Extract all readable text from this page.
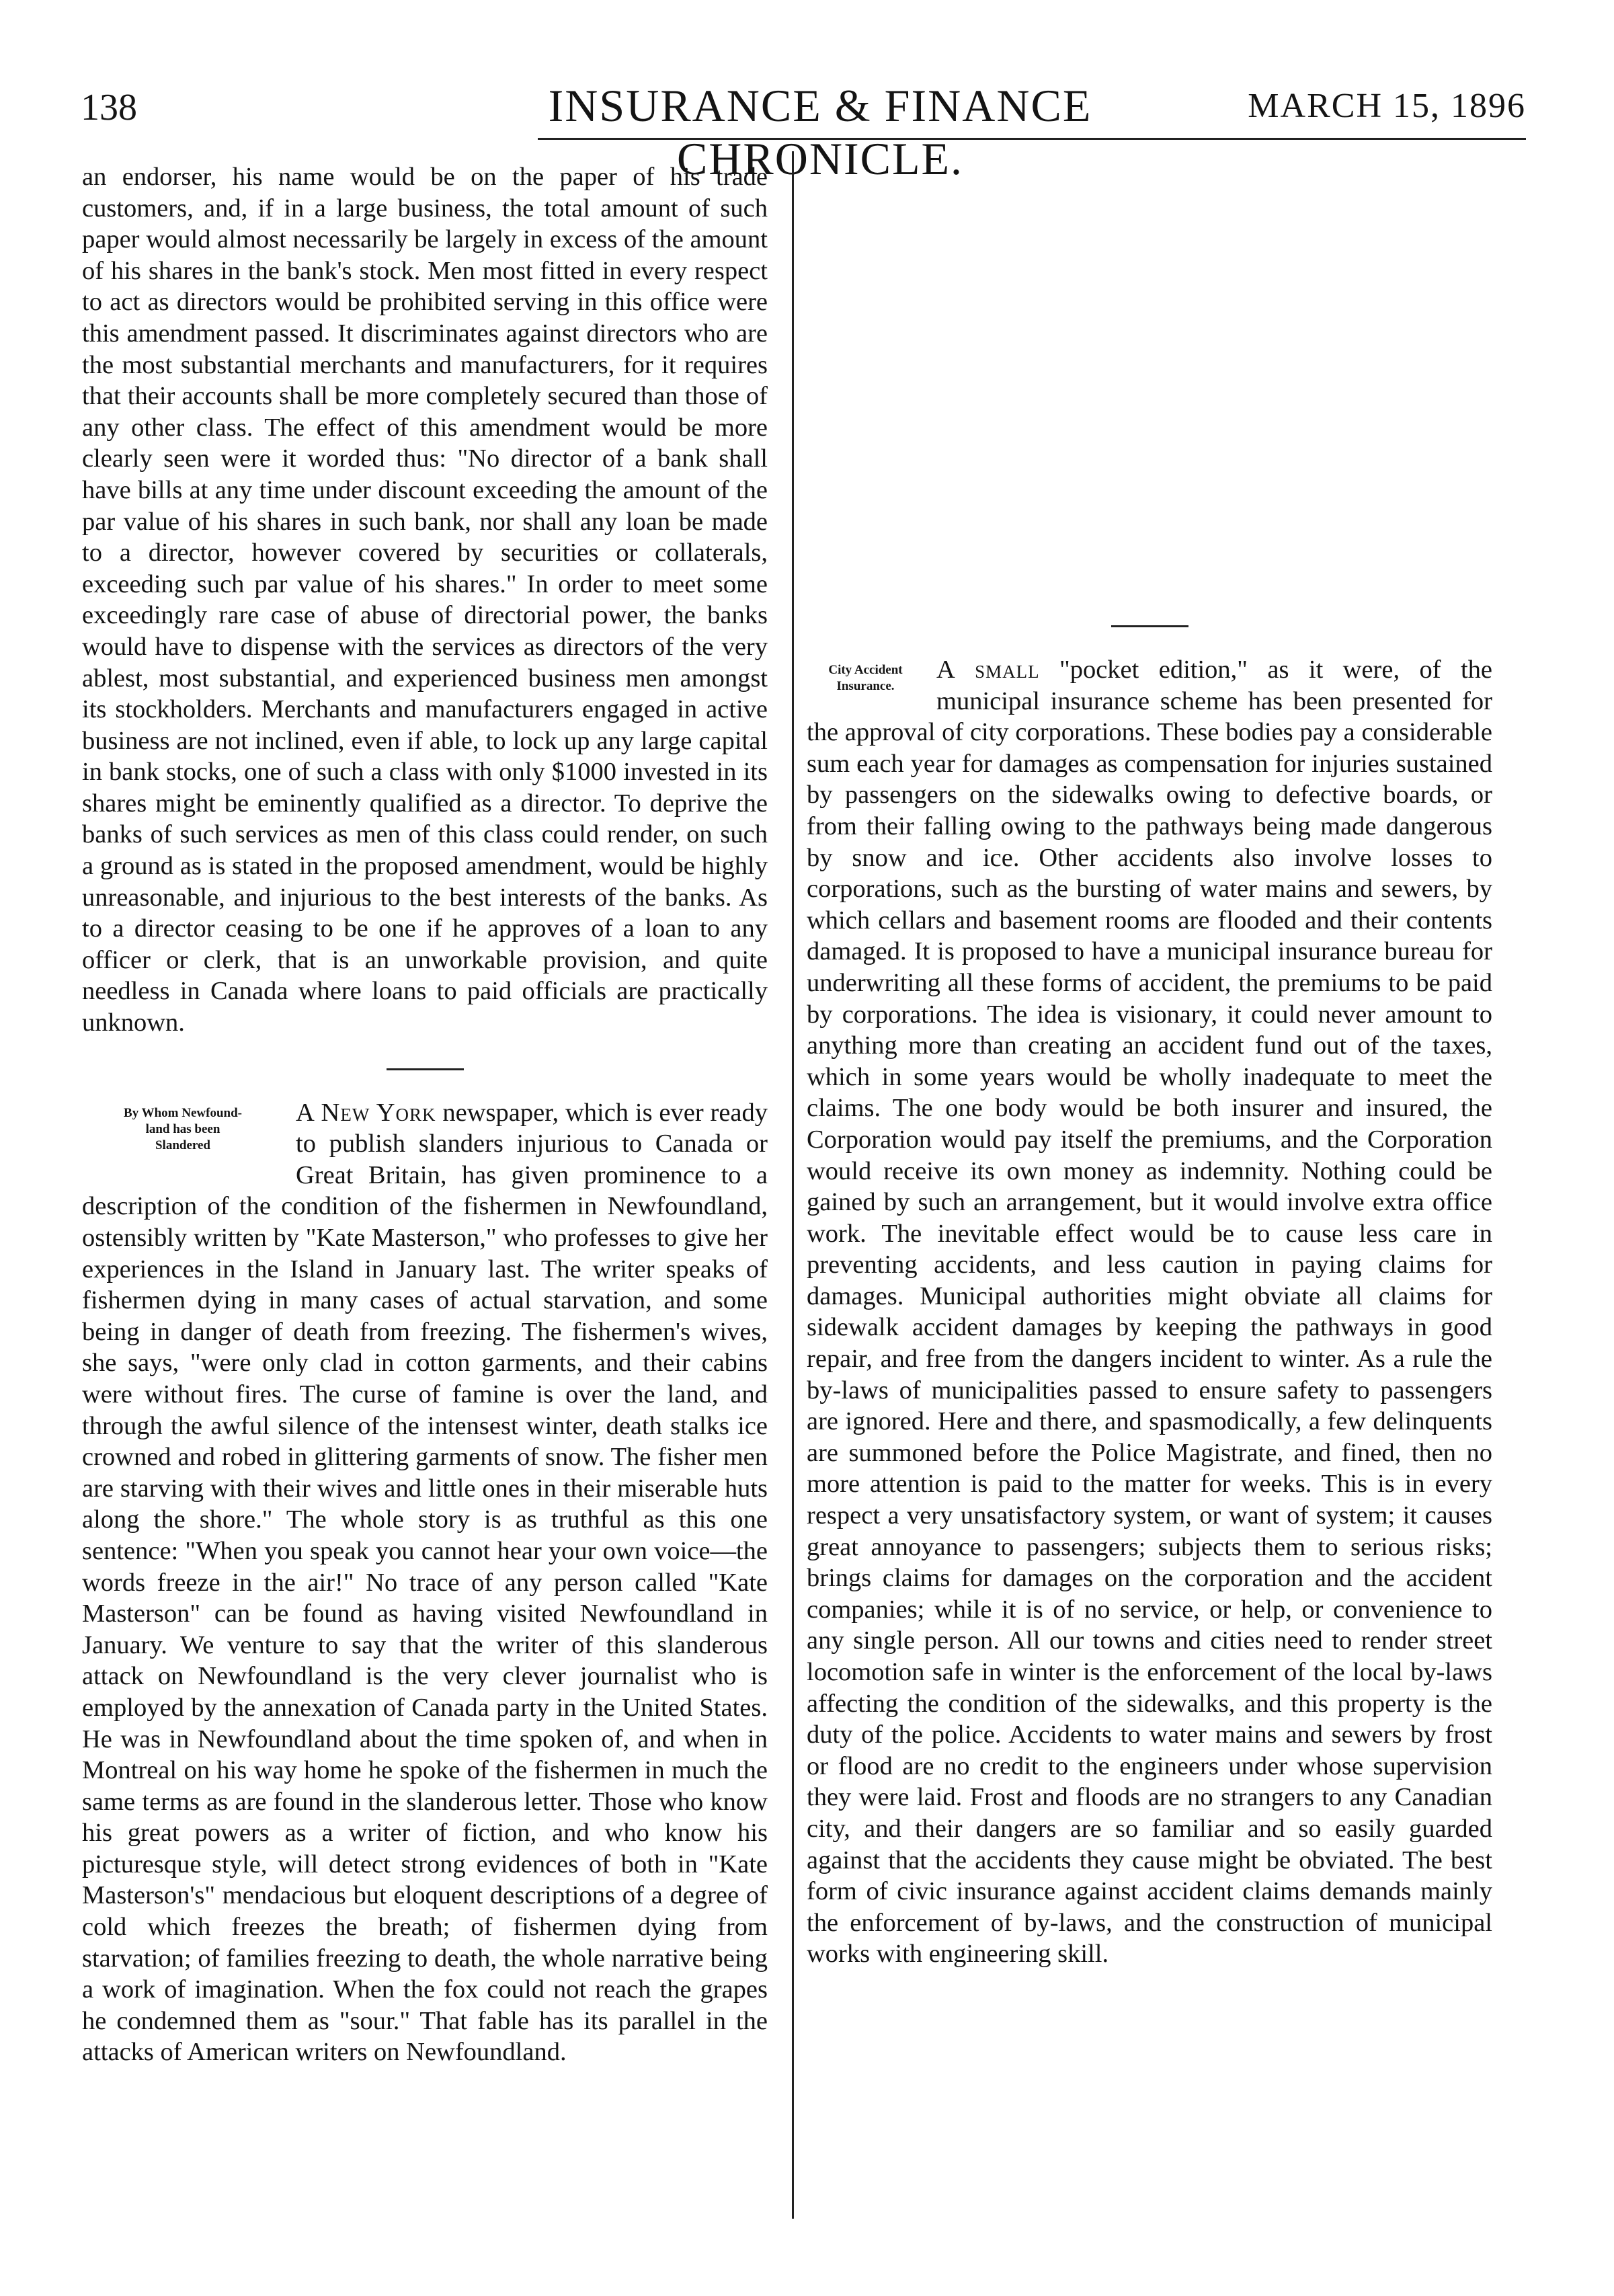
138	INSURANCE & FINANCE CHRONICLE.
MARCH 15, 1896

an endorser, his name would be on the paper of his trade customers, and, if in a large business, the total amount of such paper would almost necessarily be largely in excess of the amount of his shares in the bank's stock. Men most fitted in every respect to act as directors would be prohibited serving in this office were this amendment passed. It discriminates against directors who are the most substantial merchants and manufacturers, for it requires that their accounts shall be more completely secured than those of any other class. The effect of this amendment would be more clearly seen were it worded thus: "No director of a bank shall have bills at any time under discount exceeding the amount of the par value of his shares in such bank, nor shall any loan be made to a director, however covered by securities or collaterals, exceeding such par value of his shares." In order to meet some exceedingly rare case of abuse of directorial power, the banks would have to dispense with the services as directors of the very ablest, most substantial, and experienced business men amongst its stockholders. Merchants and manufacturers engaged in active business are not inclined, even if able, to lock up any large capital in bank stocks, one of such a class with only $1000 invested in its shares might be eminently qualified as a director. To deprive the banks of such services as men of this class could render, on such a ground as is stated in the proposed amendment, would be highly unreasonable, and injurious to the best interests of the banks. As to a director ceasing to be one if he approves of a loan to any officer or clerk, that is an unworkable provision, and quite needless in Canada where loans to paid officials are practically unknown.

By Whom Newfound-
land has been
Slandered

A New York newspaper, which is ever ready to publish slanders injurious to Canada or Great Britain, has given prominence to a description of the condition of the fishermen in Newfoundland, ostensibly written by "Kate Masterson," who professes to give her experiences in the Island in January last. The writer speaks of fishermen dying in many cases of actual starvation, and some being in danger of death from freezing. The fishermen's wives, she says, "were only clad in cotton garments, and their cabins were without fires. The curse of famine is over the land, and through the awful silence of the intensest winter, death stalks ice crowned and robed in glittering garments of snow. The fisher men are starving with their wives and little ones in their miserable huts along the shore." The whole story is as truthful as this one sentence: "When you speak you cannot hear your own voice—the words freeze in the air!" No trace of any person called "Kate Masterson" can be found as having visited Newfoundland in January. We venture to say that the writer of this slanderous attack on Newfoundland is the very clever journalist who is employed by the annexation of Canada party in the United States. He was in Newfoundland about the time spoken of, and when in Montreal on his way home he spoke of the fishermen in much the same terms as are found in the slanderous letter. Those who know his great powers as a writer of fiction, and who know his picturesque style, will detect strong evidences of both in "Kate Masterson's" mendacious but eloquent descriptions of a degree of cold which freezes the breath; of fishermen dying from starvation; of families freezing to death, the whole narrative being a work of imagination. When the fox could not reach the grapes he condemned them as "sour." That fable has its parallel in the attacks of American writers on Newfoundland.

City Accident
Insurance.

A small "pocket edition," as it were, of the municipal insurance scheme has been presented for the approval of city corporations. These bodies pay a considerable sum each year for damages as compensation for injuries sustained by passengers on the sidewalks owing to defective boards, or from their falling owing to the pathways being made dangerous by snow and ice. Other accidents also involve losses to corporations, such as the bursting of water mains and sewers, by which cellars and basement rooms are flooded and their contents damaged. It is proposed to have a municipal insurance bureau for underwriting all these forms of accident, the premiums to be paid by corporations. The idea is visionary, it could never amount to anything more than creating an accident fund out of the taxes, which in some years would be wholly inadequate to meet the claims. The one body would be both insurer and insured, the Corporation would pay itself the premiums, and the Corporation would receive its own money as indemnity. Nothing could be gained by such an arrangement, but it would involve extra office work. The inevitable effect would be to cause less care in preventing accidents, and less caution in paying claims for damages. Municipal authorities might obviate all claims for sidewalk accident damages by keeping the pathways in good repair, and free from the dangers incident to winter. As a rule the by-laws of municipalities passed to ensure safety to passengers are ignored. Here and there, and spasmodically, a few delinquents are summoned before the Police Magistrate, and fined, then no more attention is paid to the matter for weeks. This is in every respect a very unsatisfactory system, or want of system; it causes great annoyance to passengers; subjects them to serious risks; brings claims for damages on the corporation and the accident companies; while it is of no service, or help, or convenience to any single person. All our towns and cities need to render street locomotion safe in winter is the enforcement of the local by-laws affecting the condition of the sidewalks, and this property is the duty of the police. Accidents to water mains and sewers by frost or flood are no credit to the engineers under whose supervision they were laid. Frost and floods are no strangers to any Canadian city, and their dangers are so familiar and so easily guarded against that the accidents they cause might be obviated. The best form of civic insurance against accident claims demands mainly the enforcement of by-laws, and the construction of municipal works with engineering skill.
